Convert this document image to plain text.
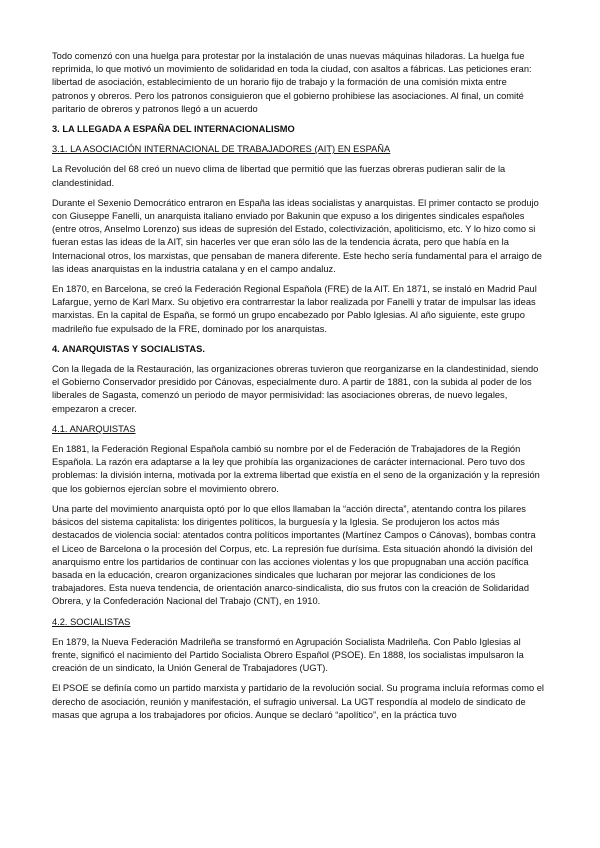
Todo comenzó con una huelga para protestar por la instalación de unas nuevas máquinas hiladoras. La huelga fue reprimida, lo que motivó un movimiento de solidaridad en toda la ciudad, con asaltos a fábricas. Las peticiones eran: libertad de asociación, establecimiento de un horario fijo de trabajo y la formación de una comisión mixta entre patronos y obreros. Pero los patronos consiguieron que el gobierno prohibiese las asociaciones. Al final, un comité paritario de obreros y patronos llegó a un acuerdo

3. LA LLEGADA A ESPAÑA DEL INTERNACIONALISMO
3.1. LA ASOCIACIÓN INTERNACIONAL DE TRABAJADORES (AIT) EN ESPAÑA

La Revolución del 68 creó un nuevo clima de libertad que permitió que las fuerzas obreras pudieran salir de la clandestinidad.

Durante el Sexenio Democrático entraron en España las ideas socialistas y anarquistas. El primer contacto se produjo con Giuseppe Fanelli, un anarquista italiano enviado por Bakunin que expuso a los dirigentes sindicales españoles (entre otros, Anselmo Lorenzo) sus ideas de supresión del Estado, colectivización, apoliticismo, etc. Y lo hizo como si fueran estas las ideas de la AIT, sin hacerles ver que eran sólo las de la tendencia ácrata, pero que había en la Internacional otros, los marxistas, que pensaban de manera diferente. Este hecho sería fundamental para el arraigo de las ideas anarquistas en la industria catalana y en el campo andaluz.

En 1870, en Barcelona, se creó la Federación Regional Española (FRE) de la AIT. En 1871, se instaló en Madrid Paul Lafargue, yerno de Karl Marx. Su objetivo era contrarrestar la labor realizada por Fanelli y tratar de impulsar las ideas marxistas. En la capital de España, se formó un grupo encabezado por Pablo Iglesias. Al año siguiente, este grupo madrileño fue expulsado de la FRE, dominado por los anarquistas.

4. ANARQUISTAS Y SOCIALISTAS.

Con la llegada de la Restauración, las organizaciones obreras tuvieron que reorganizarse en la clandestinidad, siendo el Gobierno Conservador presidido por Cánovas, especialmente duro. A partir de 1881, con la subida al poder de los liberales de Sagasta, comenzó un periodo de mayor permisividad: las asociaciones obreras, de nuevo legales, empezaron a crecer.

4.1. ANARQUISTAS

En 1881, la Federación Regional Española cambió su nombre por el de Federación de Trabajadores de la Región Española. La razón era adaptarse a la ley que prohibía las organizaciones de carácter internacional. Pero tuvo dos problemas: la división interna, motivada por la extrema libertad que existía en el seno de la organización y la represión que los gobiernos ejercían sobre el movimiento obrero.

Una parte del movimiento anarquista optó por lo que ellos llamaban la “acción directa”, atentando contra los pilares básicos del sistema capitalista: los dirigentes políticos, la burguesía y la Iglesia. Se produjeron los actos más destacados de violencia social: atentados contra políticos importantes (Martínez Campos o Cánovas), bombas contra el Liceo de Barcelona o la procesión del Corpus, etc. La represión fue durísima. Esta situación ahondó la división del anarquismo entre los partidarios de continuar con las acciones violentas y los que propugnaban una acción pacífica basada en la educación, crearon organizaciones sindicales que lucharan por mejorar las condiciones de los trabajadores. Esta nueva tendencia, de orientación anarco-sindicalista, dio sus frutos con la creación de Solidaridad Obrera, y la Confederación Nacional del Trabajo (CNT), en 1910.

4.2. SOCIALISTAS

En 1879, la Nueva Federación Madrileña se transformó en Agrupación Socialista Madrileña. Con Pablo Iglesias al frente, significó el nacimiento del Partido Socialista Obrero Español (PSOE). En 1888, los socialistas impulsaron la creación de un sindicato, la Unión General de Trabajadores (UGT).

El PSOE se definía como un partido marxista y partidario de la revolución social. Su programa incluía reformas como el derecho de asociación, reunión y manifestación, el sufragio universal. La UGT respondía al modelo de sindicato de masas que agrupa a los trabajadores por oficios. Aunque se declaró “apolítico”, en la práctica tuvo
